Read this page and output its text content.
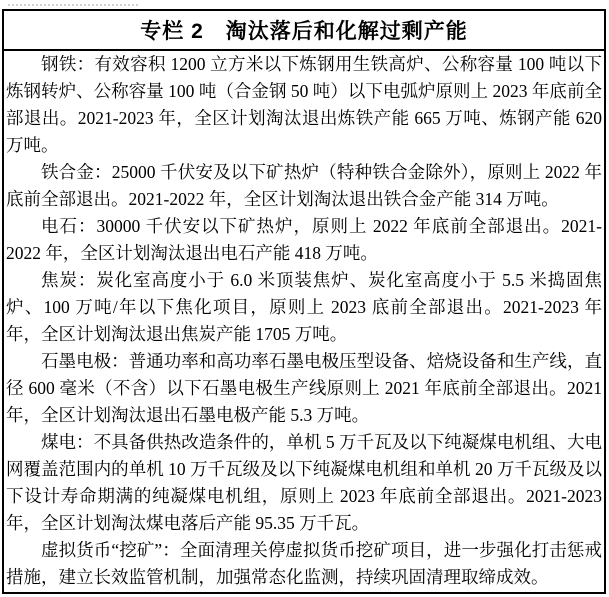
专栏 2　淘汰落后和化解过剩产能

钢铁：有效容积 1200 立方米以下炼钢用生铁高炉、公称容量 100 吨以下炼钢转炉、公称容量 100 吨（合金钢 50 吨）以下电弧炉原则上 2023 年底前全部退出。2021-2023 年，全区计划淘汰退出炼铁产能 665 万吨、炼钢产能 620 万吨。

铁合金：25000 千伏安及以下矿热炉（特种铁合金除外），原则上 2022 年底前全部退出。2021-2022 年，全区计划淘汰退出铁合金产能 314 万吨。

电石：30000 千伏安以下矿热炉，原则上 2022 年底前全部退出。2021-2022 年，全区计划淘汰退出电石产能 418 万吨。

焦炭：炭化室高度小于 6.0 米顶装焦炉、炭化室高度小于 5.5 米捣固焦炉、100 万吨/年以下焦化项目，原则上 2023 底前全部退出。2021-2023 年年，全区计划淘汰退出焦炭产能 1705 万吨。

石墨电极：普通功率和高功率石墨电极压型设备、焙烧设备和生产线，直径 600 毫米（不含）以下石墨电极生产线原则上 2021 年底前全部退出。2021 年，全区计划淘汰退出石墨电极产能 5.3 万吨。

煤电：不具备供热改造条件的，单机 5 万千瓦及以下纯凝煤电机组、大电网覆盖范围内的单机 10 万千瓦级及以下纯凝煤电机组和单机 20 万千瓦级及以下设计寿命期满的纯凝煤电机组，原则上 2023 年底前全部退出。2021-2023 年，全区计划淘汰煤电落后产能 95.35 万千瓦。

虚拟货币“挖矿”：全面清理关停虚拟货币挖矿项目，进一步强化打击惩戒措施，建立长效监管机制，加强常态化监测，持续巩固清理取缔成效。
